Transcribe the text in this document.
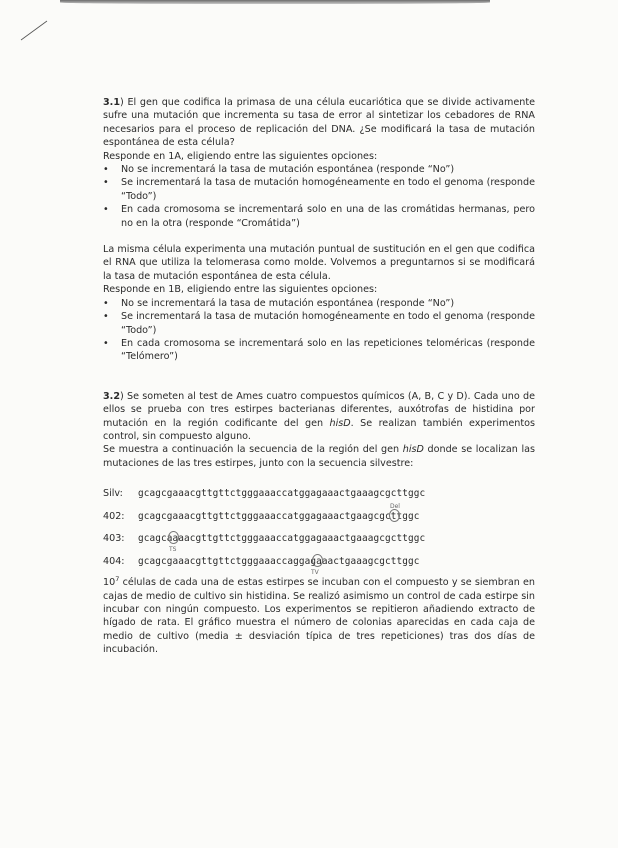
3.1) El gen que codifica la primasa de una célula eucariótica que se divide activamente sufre una mutación que incrementa su tasa de error al sintetizar los cebadores de RNA necesarios para el proceso de replicación del DNA. ¿Se modificará la tasa de mutación espontánea de esta célula?

Responde en 1A, eligiendo entre las siguientes opciones:

• No se incrementará la tasa de mutación espontánea (responde “No”)
• Se incrementará la tasa de mutación homogéneamente en todo el genoma (responde “Todo”)
• En cada cromosoma se incrementará solo en una de las cromátidas hermanas, pero no en la otra (responde “Cromátida”)

La misma célula experimenta una mutación puntual de sustitución en el gen que codifica el RNA que utiliza la telomerasa como molde. Volvemos a preguntarnos si se modificará la tasa de mutación espontánea de esta célula.

Responde en 1B, eligiendo entre las siguientes opciones:

• No se incrementará la tasa de mutación espontánea (responde “No”)
• Se incrementará la tasa de mutación homogéneamente en todo el genoma (responde “Todo”)
• En cada cromosoma se incrementará solo en las repeticiones teloméricas (responde “Telómero”)

3.2) Se someten al test de Ames cuatro compuestos químicos (A, B, C y D). Cada uno de ellos se prueba con tres estirpes bacterianas diferentes, auxótrofas de histidina por mutación en la región codificante del gen hisD. Se realizan también experimentos control, sin compuesto alguno.

Se muestra a continuación la secuencia de la región del gen hisD donde se localizan las mutaciones de las tres estirpes, junto con la secuencia silvestre:

Silv:	gcagcgaaacgttgttctgggaaaccatggagaaactgaaagcgcttggc
402:	gcagcgaaacgttgttctgggaaaccatggagaaactgaagcgcttggc
Del
403:	gcagcaaaacgttgttctgggaaaccatggagaaactgaaagcgcttggc
TS
404:	gcagcgaaacgttgttctgggaaaccaggagaaactgaaagcgcttggc
TV

$10^7$ células de cada una de estas estirpes se incuban con el compuesto y se siembran en cajas de medio de cultivo sin histidina. Se realizó asimismo un control de cada estirpe sin incubar con ningún compuesto. Los experimentos se repitieron añadiendo extracto de hígado de rata. El gráfico muestra el número de colonias aparecidas en cada caja de medio de cultivo (media ± desviación típica de tres repeticiones) tras dos días de incubación.
